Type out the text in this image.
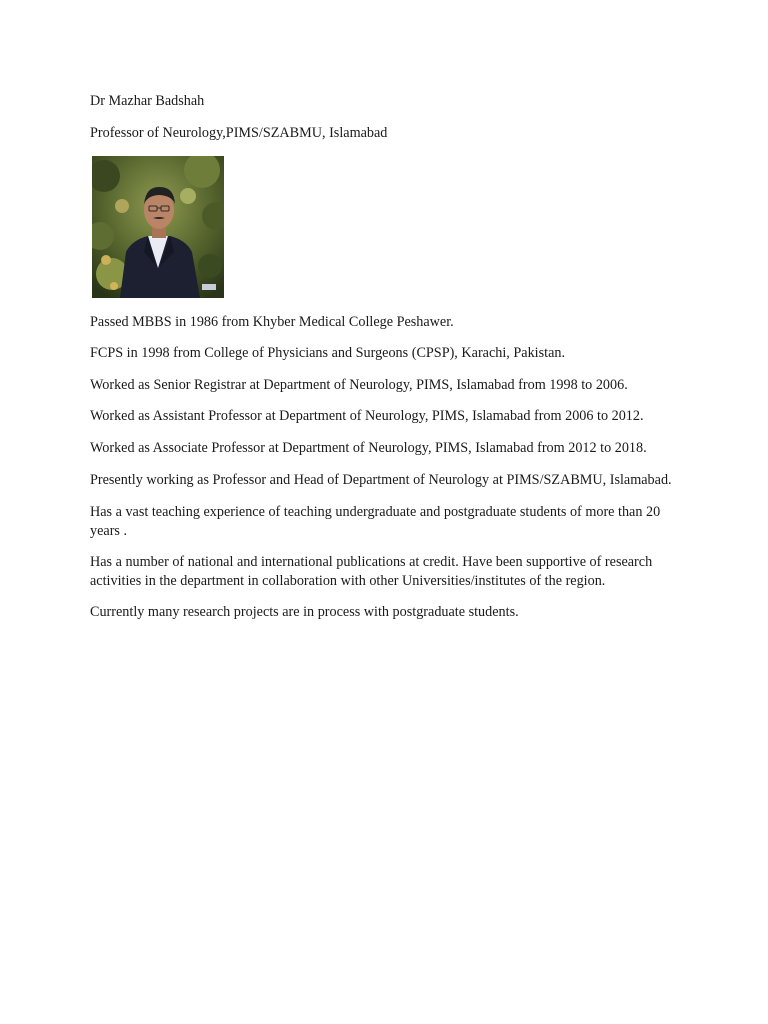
Dr Mazhar Badshah

Professor of Neurology,PIMS/SZABMU, Islamabad

Passed MBBS in 1986 from Khyber Medical College Peshawer.

FCPS in 1998 from College of Physicians and Surgeons (CPSP), Karachi, Pakistan.

Worked as Senior Registrar at Department of Neurology, PIMS, Islamabad from 1998 to 2006.

Worked as Assistant Professor at Department of Neurology, PIMS, Islamabad from 2006 to 2012.

Worked as Associate Professor at Department of Neurology, PIMS, Islamabad from 2012 to 2018.

Presently working as Professor and Head of Department of Neurology at PIMS/SZABMU, Islamabad.

Has a vast teaching experience of teaching undergraduate and postgraduate students of more than 20 years .

Has a number of national and international publications at credit. Have been supportive of research activities in the department in collaboration with other Universities/institutes of the region.

Currently many research projects are in process with postgraduate students.
